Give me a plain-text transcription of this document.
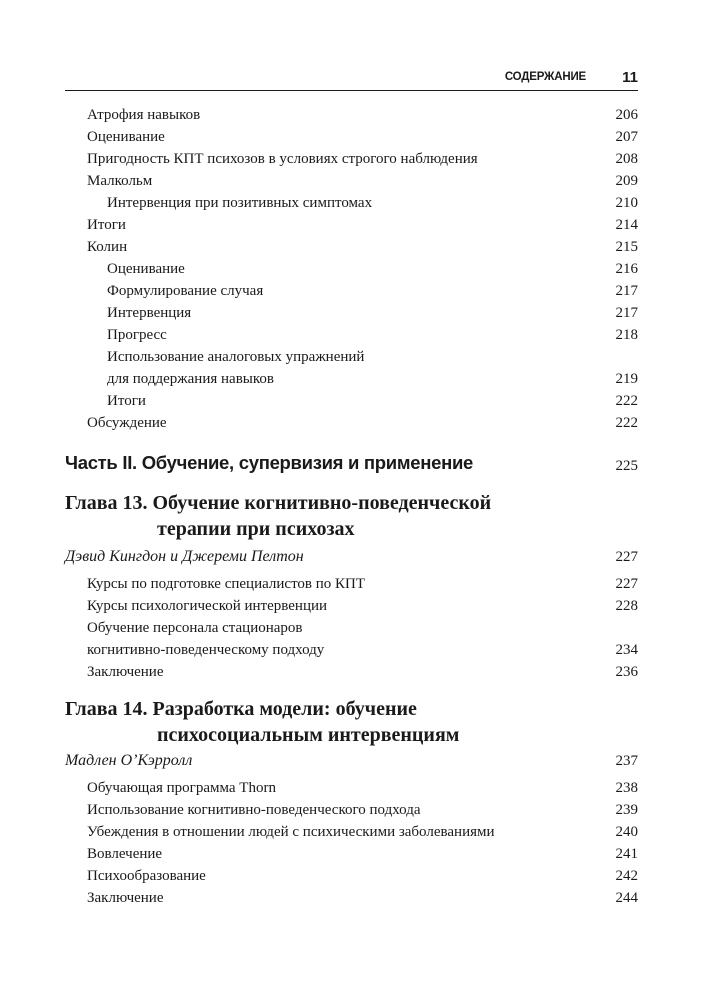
СОДЕРЖАНИЕ 11
Атрофия навыков	206
Оценивание	207
Пригодность КПТ психозов в условиях строгого наблюдения	208
Малкольм	209
Интервенция при позитивных симптомах	210
Итоги	214
Колин	215
Оценивание	216
Формулирование случая	217
Интервенция	217
Прогресс	218
Использование аналоговых упражнений
для поддержания навыков	219
Итоги	222
Обсуждение	222
Часть II. Обучение, супервизия и применение	225
Глава 13. Обучение когнитивно-поведенческой
терапии при психозах
Дэвид Кингдон и Джереми Пелтон	227
Курсы по подготовке специалистов по КПТ	227
Курсы психологической интервенции	228
Обучение персонала стационаров
когнитивно-поведенческому подходу	234
Заключение	236
Глава 14. Разработка модели: обучение
психосоциальным интервенциям
Мадлен О’Кэрролл	237
Обучающая программа Thorn	238
Использование когнитивно-поведенческого подхода	239
Убеждения в отношении людей с психическими заболеваниями	240
Вовлечение	241
Психообразование	242
Заключение	244
